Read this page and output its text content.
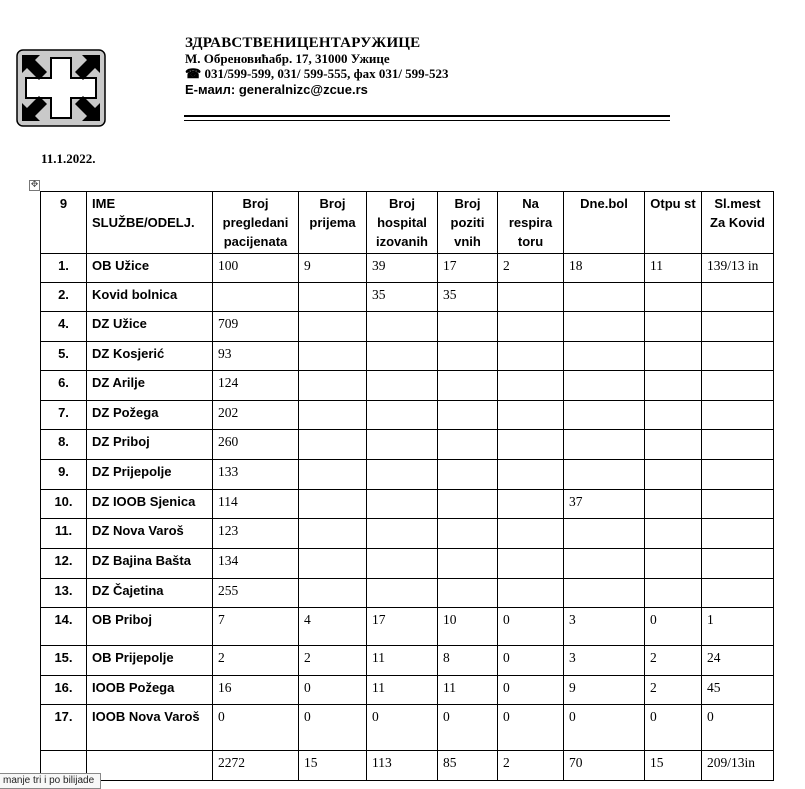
ЗДРАВСТВЕНИЦЕНТАРУЖИЦЕ
М. Обреновићабр. 17, 31000 Ужице
☎ 031/599-599, 031/ 599-555, фах 031/ 599-523
Е-маил: generalnizc@zcue.rs
11.1.2022.
✥
9	IME SLUŽBE/ODELJ.	Broj pregledani pacijenata	Broj prijema	Broj hospital izovanih	Broj poziti vnih	Na respira toru	Dne.bol	Otpu st	Sl.mest Za Kovid
1.	OB Užice	100	9	39	17	2	18	11	139/13 in
2.	Kovid bolnica			35	35				
4.	DZ Užice	709							
5.	DZ Kosjerić	93							
6.	DZ Arilje	124							
7.	DZ Požega	202							
8.	DZ Priboj	260							
9.	DZ Prijepolje	133							
10.	DZ IOOB Sjenica	114					37		
11.	DZ Nova Varoš	123							
12.	DZ Bajina Bašta	134							
13.	DZ Čajetina	255							
14.	OB Priboj	7	4	17	10	0	3	0	1
15.	OB Prijepolje	2	2	11	8	0	3	2	24
16.	IOOB Požega	16	0	11	11	0	9	2	45
17.	IOOB Nova Varoš	0	0	0	0	0	0	0	0
		2272	15	113	85	2	70	15	209/13in
manje tri i po bilijade
